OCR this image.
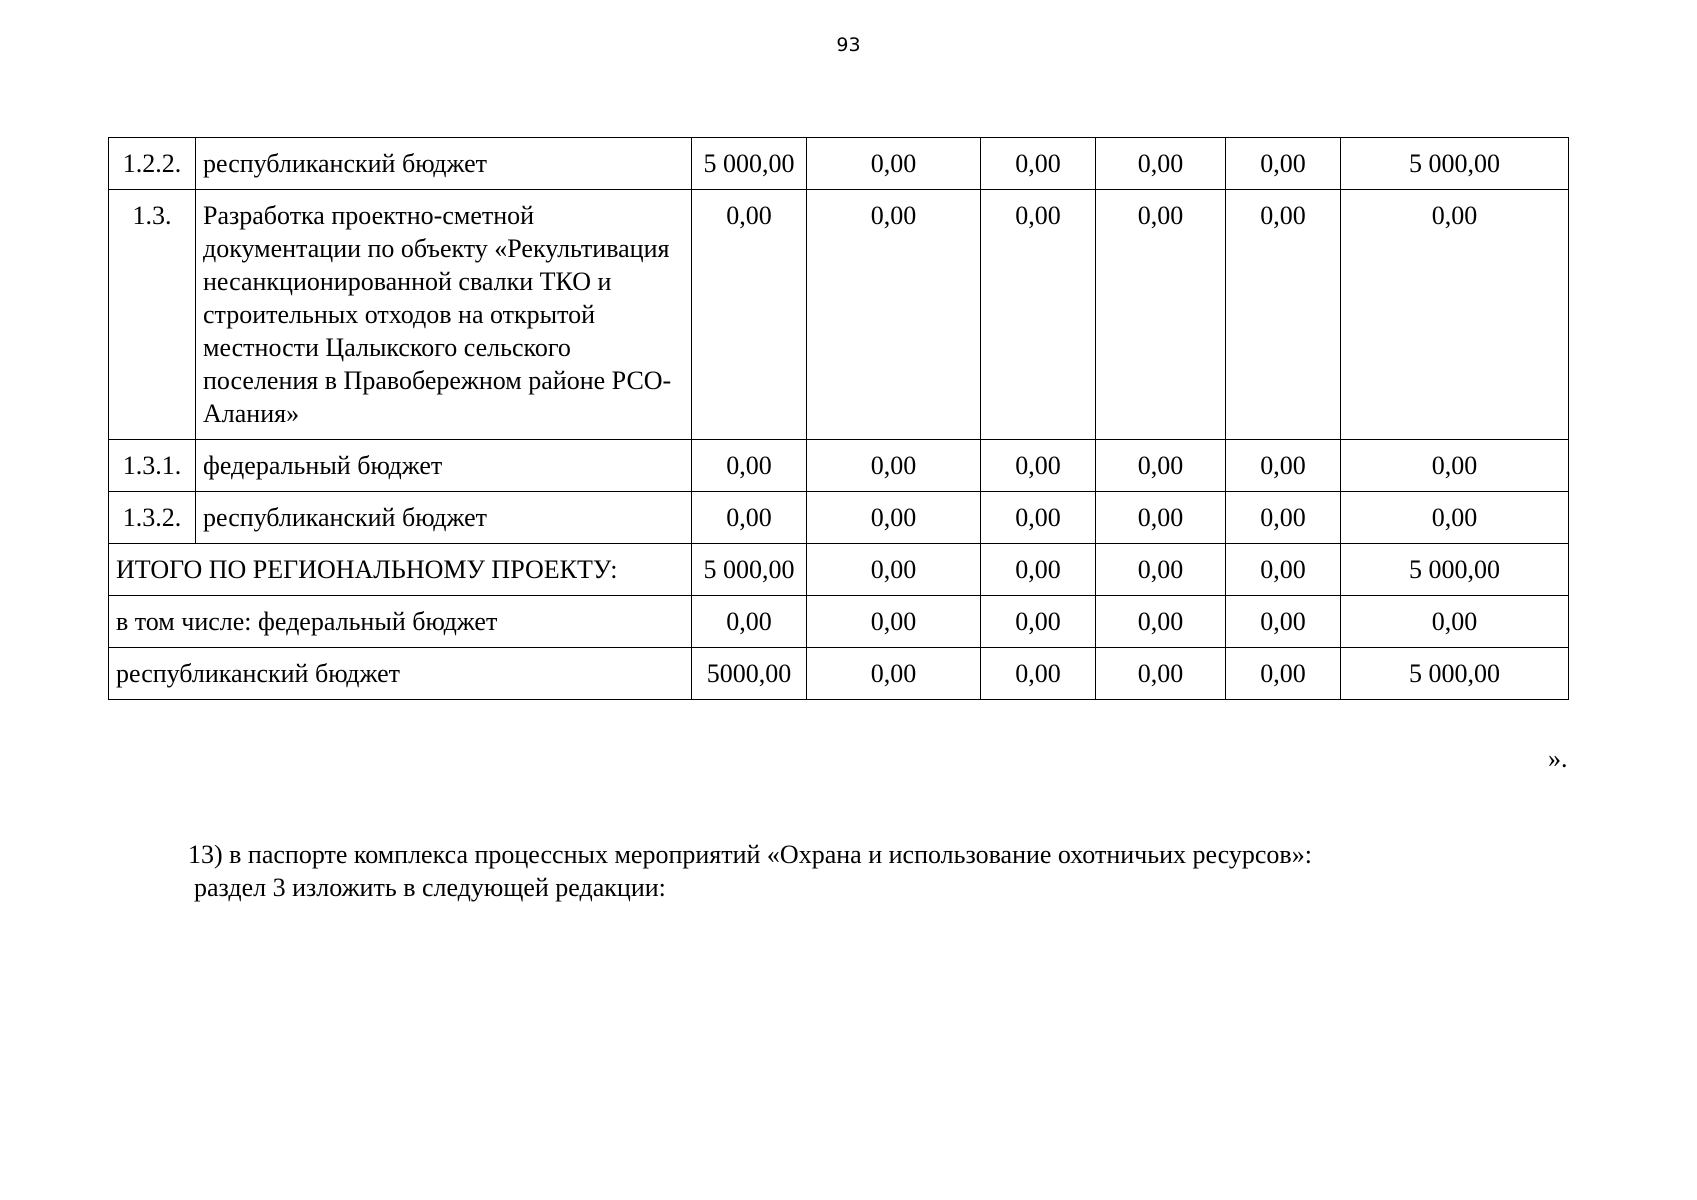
93
1.2.2.	республиканский бюджет	5 000,00	0,00	0,00	0,00	0,00	5 000,00
1.3.	Разработка проектно-сметной документации по объекту «Рекультивация несанкционированной свалки ТКО и строительных отходов на открытой местности Цалыкского сельского поселения в Правобережном районе РСО-Алания»	0,00	0,00	0,00	0,00	0,00	0,00
1.3.1.	федеральный бюджет	0,00	0,00	0,00	0,00	0,00	0,00
1.3.2.	республиканский бюджет	0,00	0,00	0,00	0,00	0,00	0,00
ИТОГО ПО РЕГИОНАЛЬНОМУ ПРОЕКТУ:		5 000,00	0,00	0,00	0,00	0,00	5 000,00
в том числе: федеральный бюджет		0,00	0,00	0,00	0,00	0,00	0,00
республиканский бюджет		5000,00	0,00	0,00	0,00	0,00	5 000,00
».
13) в паспорте комплекса процессных мероприятий «Охрана и использование охотничьих ресурсов»:
раздел 3 изложить в следующей редакции:
